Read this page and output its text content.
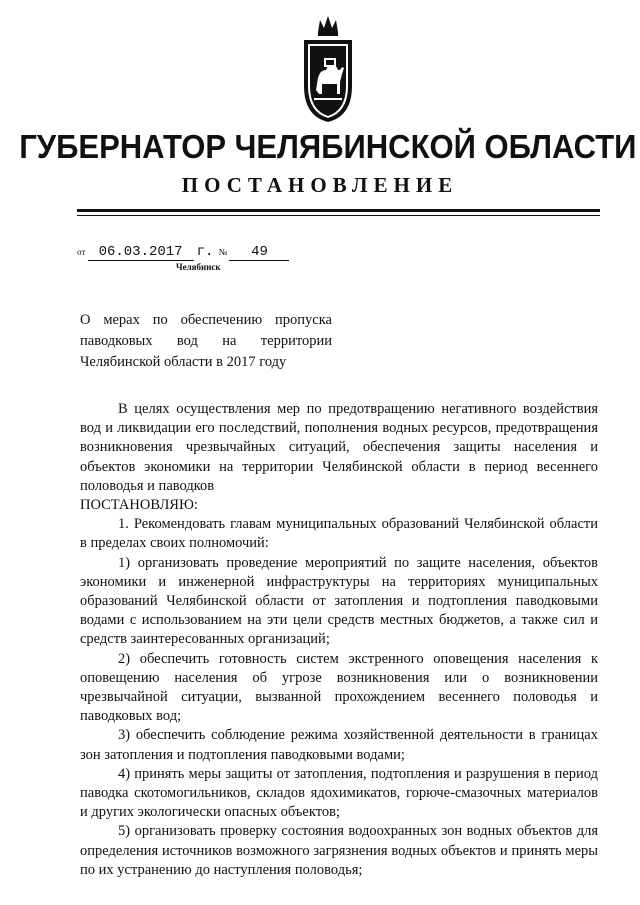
ГУБЕРНАТОР ЧЕЛЯБИНСКОЙ ОБЛАСТИ
ПОСТАНОВЛЕНИЕ
от 06.03.2017 г. № 49
Челябинск
О мерах по обеспечению пропуска
паводковых вод на территории
Челябинской области в 2017 году

В целях осуществления мер по предотвращению негативного воздействия вод и ликвидации его последствий, пополнения водных ресурсов, предотвращения возникновения чрезвычайных ситуаций, обеспечения защиты населения и объектов экономики на территории Челябинской области в период весеннего половодья и паводков

ПОСТАНОВЛЯЮ:

1. Рекомендовать главам муниципальных образований Челябинской области в пределах своих полномочий:

1) организовать проведение мероприятий по защите населения, объектов экономики и инженерной инфраструктуры на территориях муниципальных образований Челябинской области от затопления и подтопления паводковыми водами с использованием на эти цели средств местных бюджетов, а также сил и средств заинтересованных организаций;

2) обеспечить готовность систем экстренного оповещения населения к оповещению населения об угрозе возникновения или о возникновении чрезвычайной ситуации, вызванной прохождением весеннего половодья и паводковых вод;

3) обеспечить соблюдение режима хозяйственной деятельности в границах зон затопления и подтопления паводковыми водами;

4) принять меры защиты от затопления, подтопления и разрушения в период паводка скотомогильников, складов ядохимикатов, горюче-смазочных материалов и других экологически опасных объектов;

5) организовать проверку состояния водоохранных зон водных объектов для определения источников возможного загрязнения водных объектов и принять меры по их устранению до наступления половодья;
